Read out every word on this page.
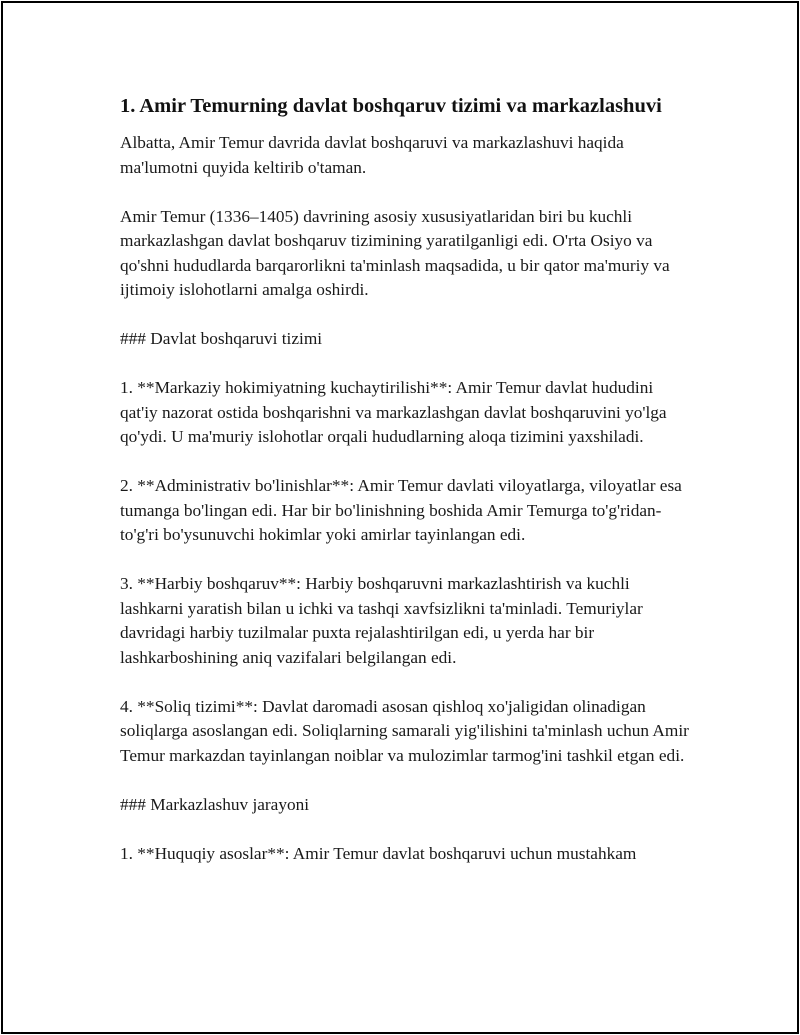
1. Amir Temurning davlat boshqaruv tizimi va markazlashuvi

Albatta, Amir Temur davrida davlat boshqaruvi va markazlashuvi haqida ma'lumotni quyida keltirib o'taman.

Amir Temur (1336–1405) davrining asosiy xususiyatlaridan biri bu kuchli markazlashgan davlat boshqaruv tizimining yaratilganligi edi. O'rta Osiyo va qo'shni hududlarda barqarorlikni ta'minlash maqsadida, u bir qator ma'muriy va ijtimoiy islohotlarni amalga oshirdi.

### Davlat boshqaruvi tizimi

1. **Markaziy hokimiyatning kuchaytirilishi**: Amir Temur davlat hududini qat'iy nazorat ostida boshqarishni va markazlashgan davlat boshqaruvini yo'lga qo'ydi. U ma'muriy islohotlar orqali hududlarning aloqa tizimini yaxshiladi.

2. **Administrativ bo'linishlar**: Amir Temur davlati viloyatlarga, viloyatlar esa tumanga bo'lingan edi. Har bir bo'linishning boshida Amir Temurga to'g'ridan-to'g'ri bo'ysunuvchi hokimlar yoki amirlar tayinlangan edi.

3. **Harbiy boshqaruv**: Harbiy boshqaruvni markazlashtirish va kuchli lashkarni yaratish bilan u ichki va tashqi xavfsizlikni ta'minladi. Temuriylar davridagi harbiy tuzilmalar puxta rejalashtirilgan edi, u yerda har bir lashkarboshining aniq vazifalari belgilangan edi.

4. **Soliq tizimi**: Davlat daromadi asosan qishloq xo'jaligidan olinadigan soliqlarga asoslangan edi. Soliqlarning samarali yig'ilishini ta'minlash uchun Amir Temur markazdan tayinlangan noiblar va mulozimlar tarmog'ini tashkil etgan edi.

### Markazlashuv jarayoni

1. **Huquqiy asoslar**: Amir Temur davlat boshqaruvi uchun mustahkam
